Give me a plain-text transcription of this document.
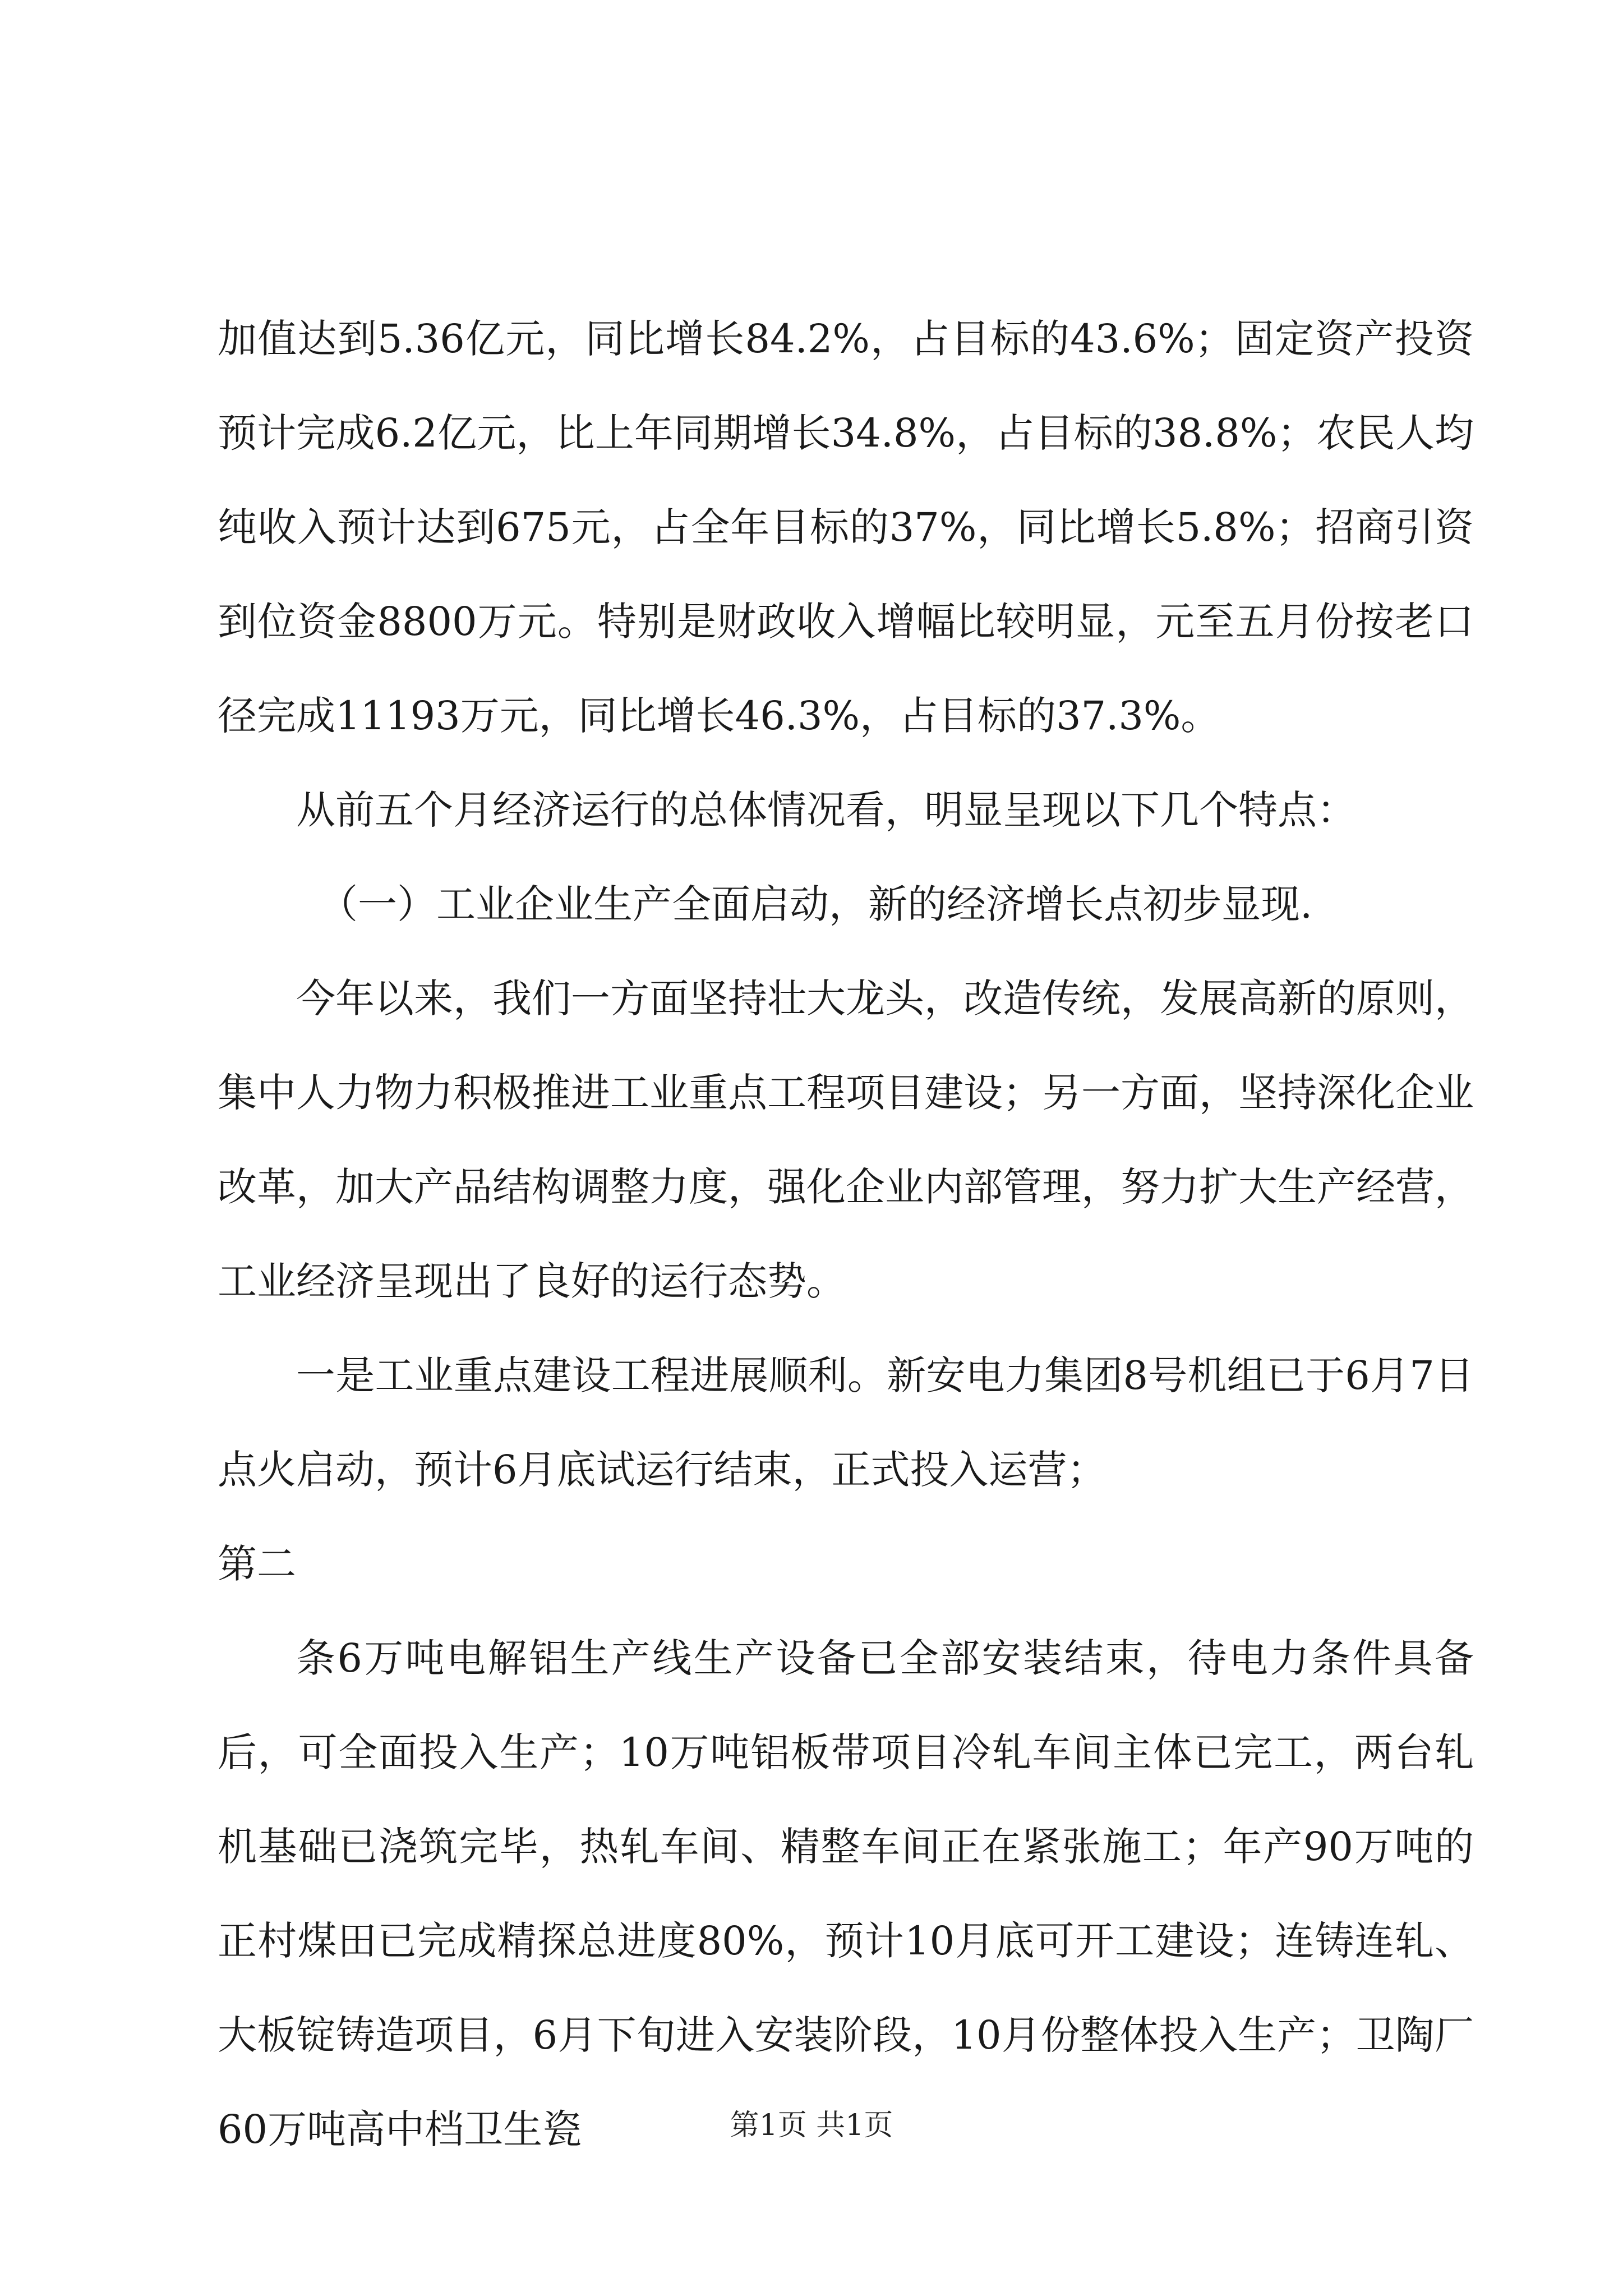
加值达到5.36亿元，同比增长84.2%，占目标的43.6%；固定资产投资预计完成6.2亿元，比上年同期增长34.8%，占目标的38.8%；农民人均纯收入预计达到675元，占全年目标的37%，同比增长5.8%；招商引资到位资金8800万元。特别是财政收入增幅比较明显，元至五月份按老口径完成11193万元，同比增长46.3%，占目标的37.3%。

从前五个月经济运行的总体情况看，明显呈现以下几个特点：

（一）工业企业生产全面启动，新的经济增长点初步显现.

今年以来，我们一方面坚持壮大龙头，改造传统，发展高新的原则，集中人力物力积极推进工业重点工程项目建设；另一方面，坚持深化企业改革，加大产品结构调整力度，强化企业内部管理，努力扩大生产经营，工业经济呈现出了良好的运行态势。

一是工业重点建设工程进展顺利。新安电力集团8号机组已于6月7日点火启动，预计6月底试运行结束，正式投入运营；

第二

条6万吨电解铝生产线生产设备已全部安装结束，待电力条件具备后，可全面投入生产；10万吨铝板带项目冷轧车间主体已完工，两台轧机基础已浇筑完毕，热轧车间、精整车间正在紧张施工；年产90万吨的正村煤田已完成精探总进度80%，预计10月底可开工建设；连铸连轧、大板锭铸造项目，6月下旬进入安装阶段，10月份整体投入生产；卫陶厂60万吨高中档卫生瓷	第1页 共1页
